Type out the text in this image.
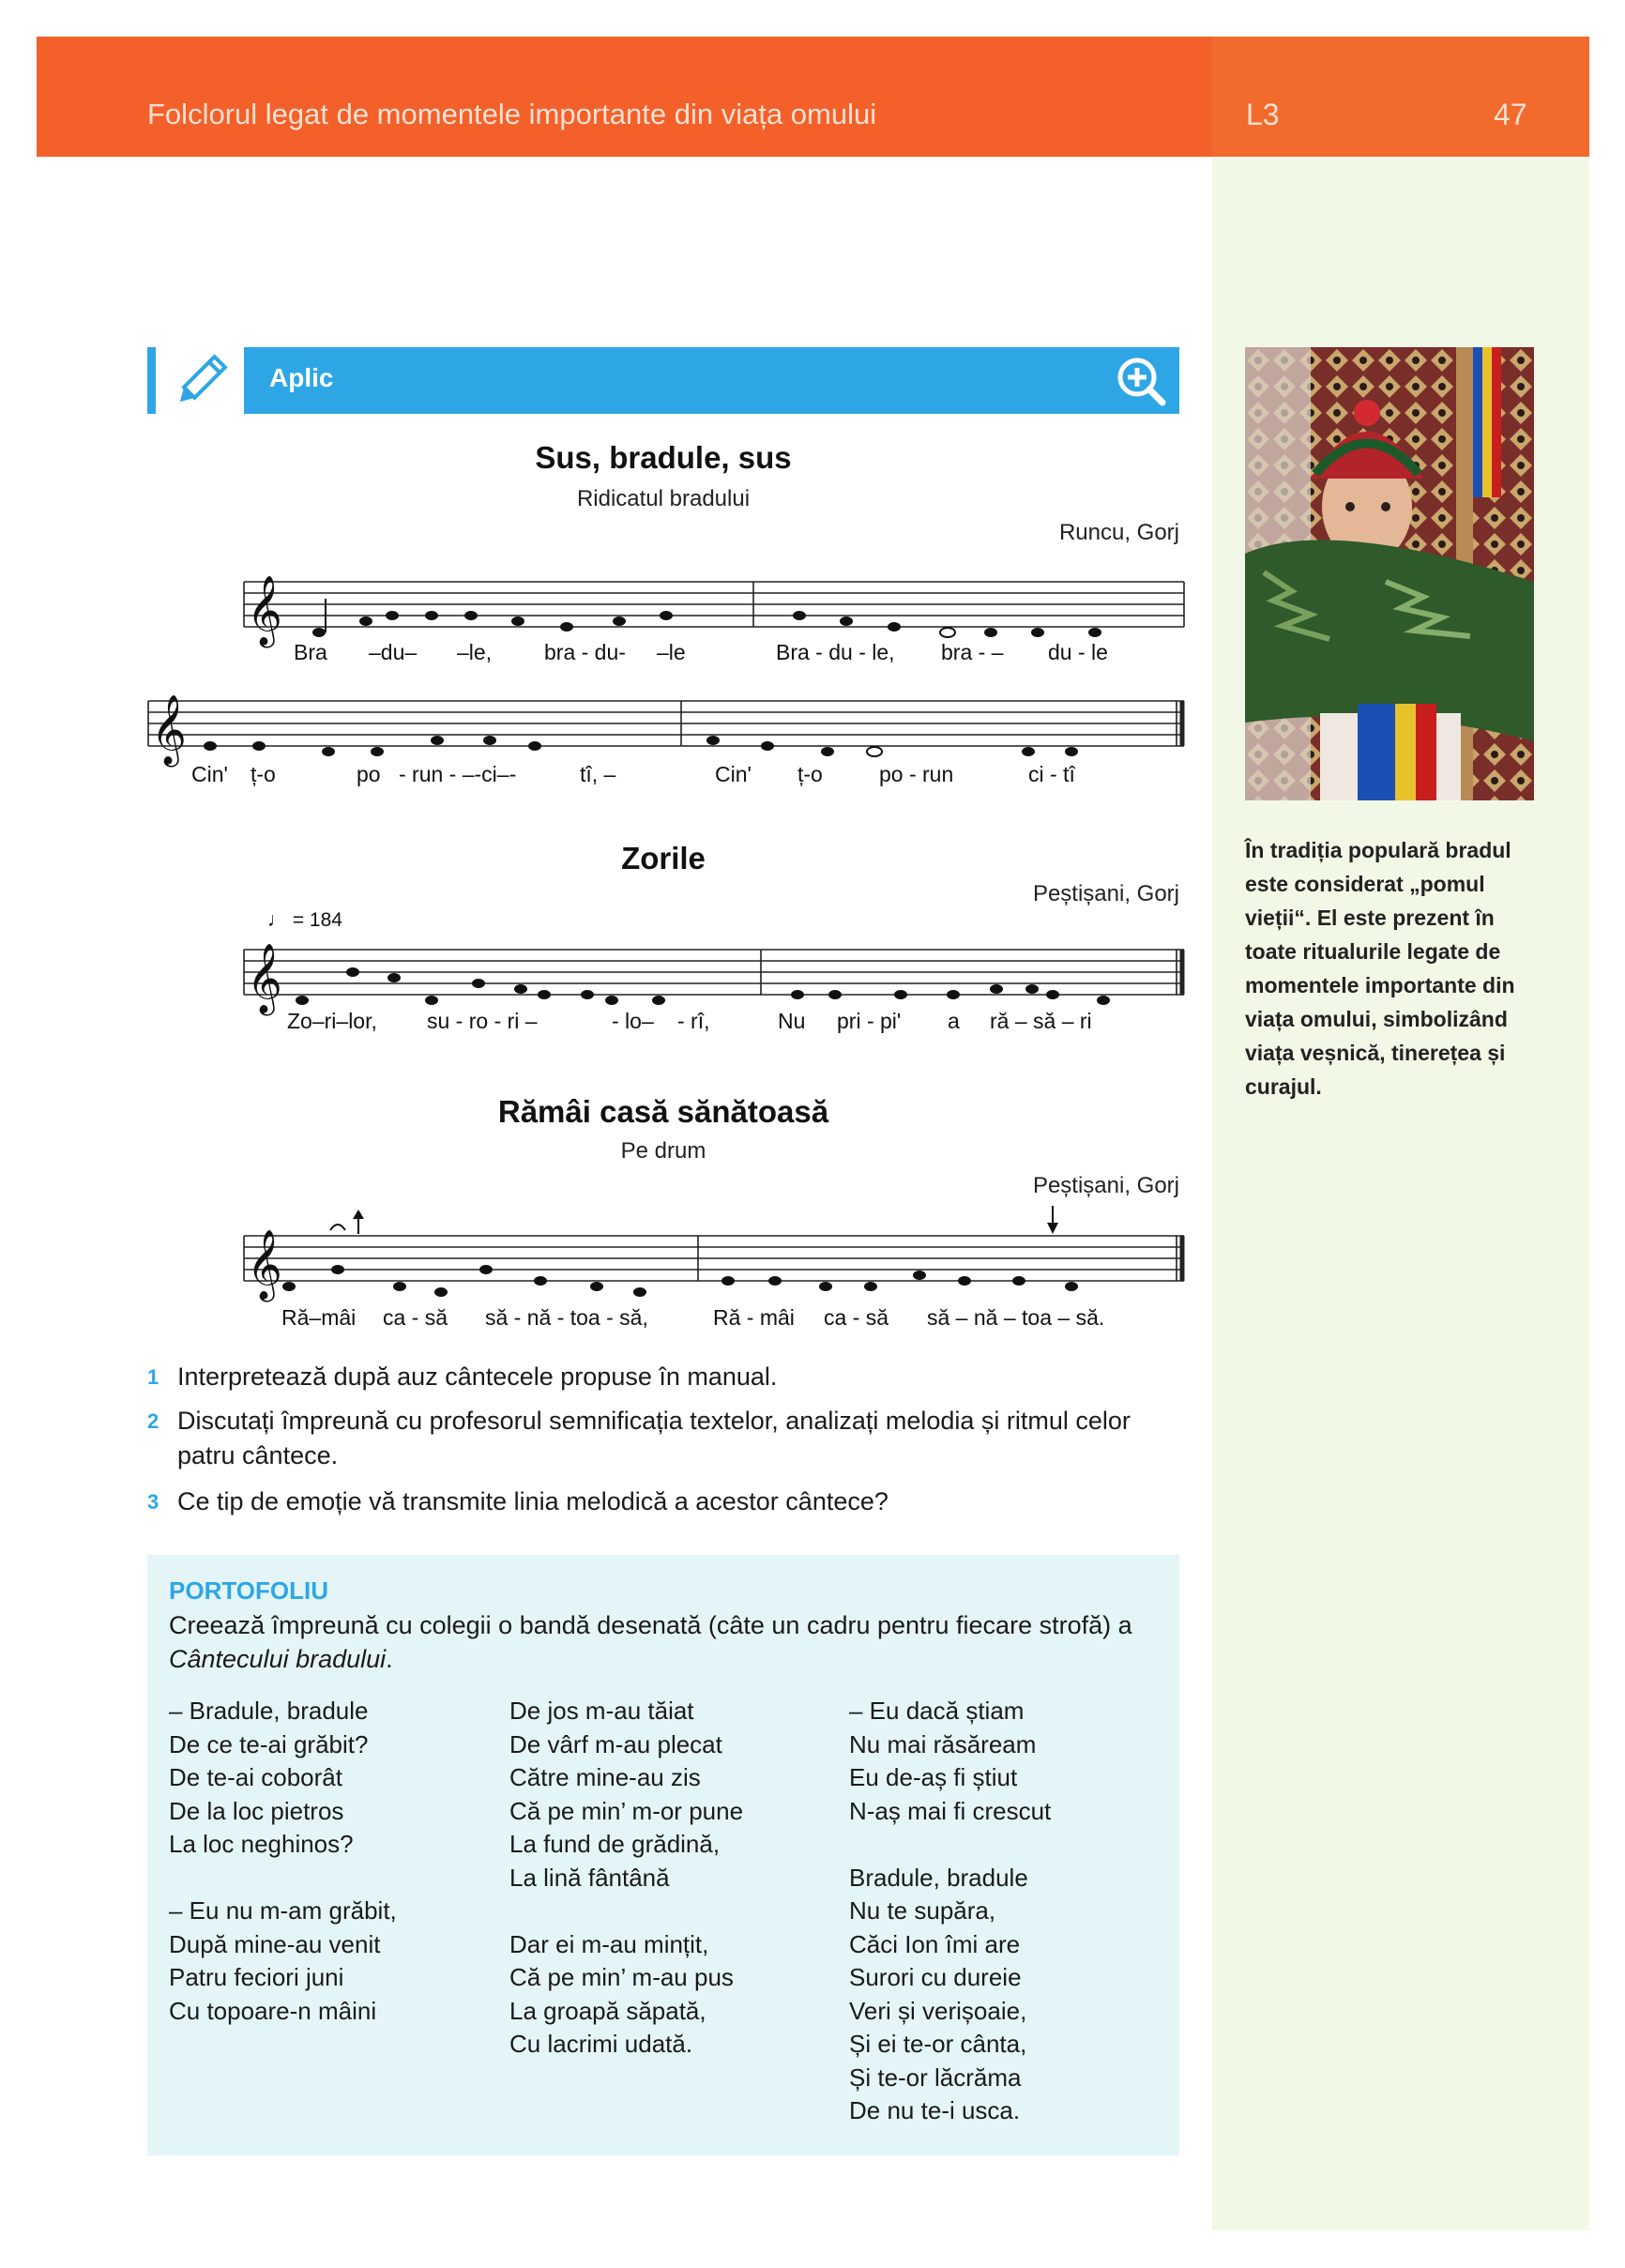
Folclorul legat de momentele importante din viața omului	L3	47
Aplic
Sus, bradule, sus
Ridicatul bradului
Runcu, Gorj
𝄞
Bra –du– –le, bra - du- –le	Bra - du - le, bra - – du - le
𝄞
Cin' ț-o	po - run - –-ci–-	tî, –	Cin' ț-o	po - run	ci - tî
Zorile
Peștișani, Gorj
♩ = 184
𝄞
Zo–ri–lor, su - ro - ri –	- lo– - rî,	Nu pri - pi' a ră – să – ri
Rămâi casă sănătoasă
Pe drum
Peștișani, Gorj
𝄞
Ră–mâi ca - să să - nă - toa - să,	Ră - mâi ca - să să – nă – toa – să.
1 Interpretează după auz cântecele propuse în manual.
2 Discutați împreună cu profesorul semnificația textelor, analizați melodia și ritmul celor patru cântece.
3 Ce tip de emoție vă transmite linia melodică a acestor cântece?
PORTOFOLIU
Creează împreună cu colegii o bandă desenată (câte un cadru pentru fiecare strofă) a
Cântecului bradului.
– Bradule, bradule
De ce te-ai grăbit?
De te-ai coborât
De la loc pietros
La loc neghinos?
– Eu nu m-am grăbit,
După mine-au venit
Patru feciori juni
Cu topoare-n mâini
De jos m-au tăiat
De vârf m-au plecat
Către mine-au zis
Că pe min’ m-or pune
La fund de grădină,
La lină fântână
Dar ei m-au mințit,
Că pe min’ m-au pus
La groapă săpată,
Cu lacrimi udată.
– Eu dacă știam
Nu mai răsăream
Eu de-aș fi știut
N-aș mai fi crescut
Bradule, bradule
Nu te supăra,
Căci Ion îmi are
Surori cu dureie
Veri și verișoaie,
Și ei te-or cânta,
Și te-or lăcrăma
De nu te-i usca.
În tradiția populară bradul este considerat „pomul vieții“. El este prezent în toate ritualurile legate de momentele importante din viața omului, simbolizând viața veșnică, tinerețea și curajul.
